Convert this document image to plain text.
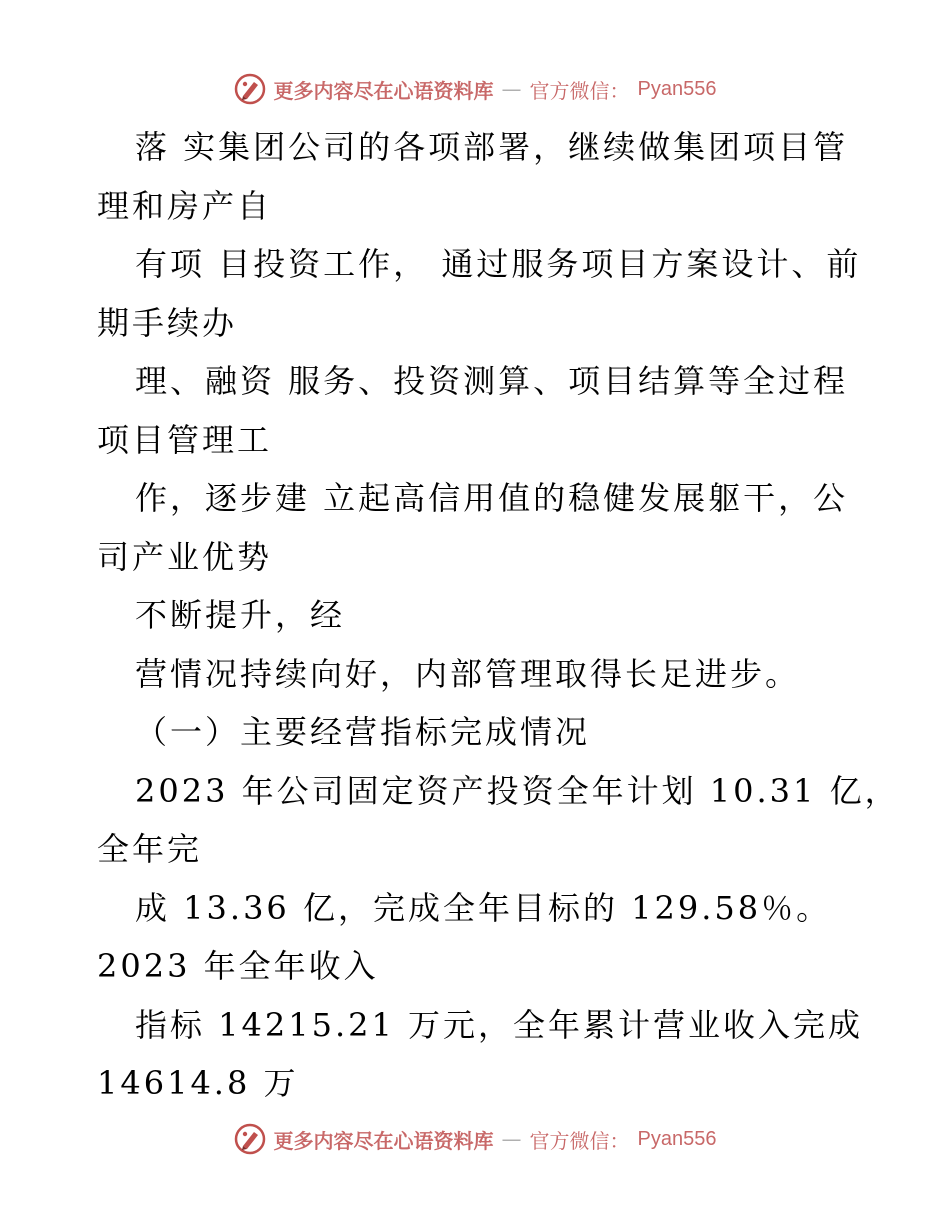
更多内容尽在心语资料库 — 官方微信： Pyan556
落 实集团公司的各项部署，继续做集团项目管
理和房产自
有项 目投资工作， 通过服务项目方案设计、前
期手续办
理、融资 服务、投资测算、项目结算等全过程
项目管理工
作，逐步建 立起高信用值的稳健发展躯干，公
司产业优势
不断提升，经
营情况持续向好，内部管理取得长足进步。
（一）主要经营指标完成情况
2023 年公司固定资产投资全年计划 10.31 亿，
全年完
成 13.36 亿，完成全年目标的 129.58％。
2023 年全年收入
指标 14215.21 万元，全年累计营业收入完成
14614.8 万
更多内容尽在心语资料库 — 官方微信： Pyan556
